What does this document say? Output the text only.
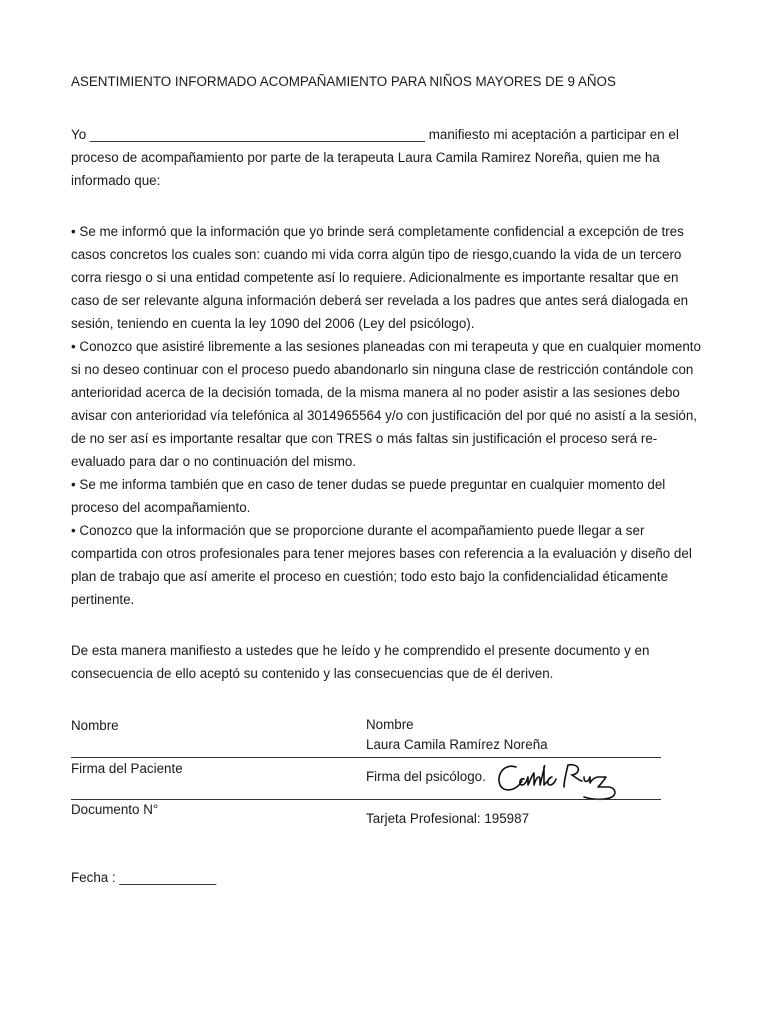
ASENTIMIENTO INFORMADO ACOMPAÑAMIENTO PARA NIÑOS MAYORES DE 9 AÑOS

Yo _____________________________________________ manifiesto mi aceptación a participar en el proceso de acompañamiento por parte de la terapeuta Laura Camila Ramirez Noreña, quien me ha informado que:

• Se me informó que la información que yo brinde será completamente confidencial a excepción de tres casos concretos los cuales son: cuando mi vida corra algún tipo de riesgo,cuando la vida de un tercero corra riesgo o si una entidad competente así lo requiere. Adicionalmente es importante resaltar que en caso de ser relevante alguna información deberá ser revelada a los padres que antes será dialogada en sesión, teniendo en cuenta la ley 1090 del 2006 (Ley del psicólogo).

• Conozco que asistiré libremente a las sesiones planeadas con mi terapeuta y que en cualquier momento si no deseo continuar con el proceso puedo abandonarlo sin ninguna clase de restricción contándole con anterioridad acerca de la decisión tomada, de la misma manera al no poder asistir a las sesiones debo avisar con anterioridad vía telefónica al 3014965564 y/o con justificación del por qué no asistí a la sesión, de no ser así es importante resaltar que con TRES o más faltas sin justificación el proceso será re-evaluado para dar o no continuación del mismo.

• Se me informa también que en caso de tener dudas se puede preguntar en cualquier momento del proceso del acompañamiento.

• Conozco que la información que se proporcione durante el acompañamiento puede llegar a ser compartida con otros profesionales para tener mejores bases con referencia a la evaluación y diseño del plan de trabajo que así amerite el proceso en cuestión; todo esto bajo la confidencialidad éticamente pertinente.

De esta manera manifiesto a ustedes que he leído y he comprendido el presente documento y en consecuencia de ello aceptó su contenido y las consecuencias que de él deriven.

Nombre	Nombre
Laura Camila Ramírez Noreña
Firma del Paciente
Firma del psicólogo.
Documento N°
Tarjeta Profesional: 195987
Fecha : _____________
